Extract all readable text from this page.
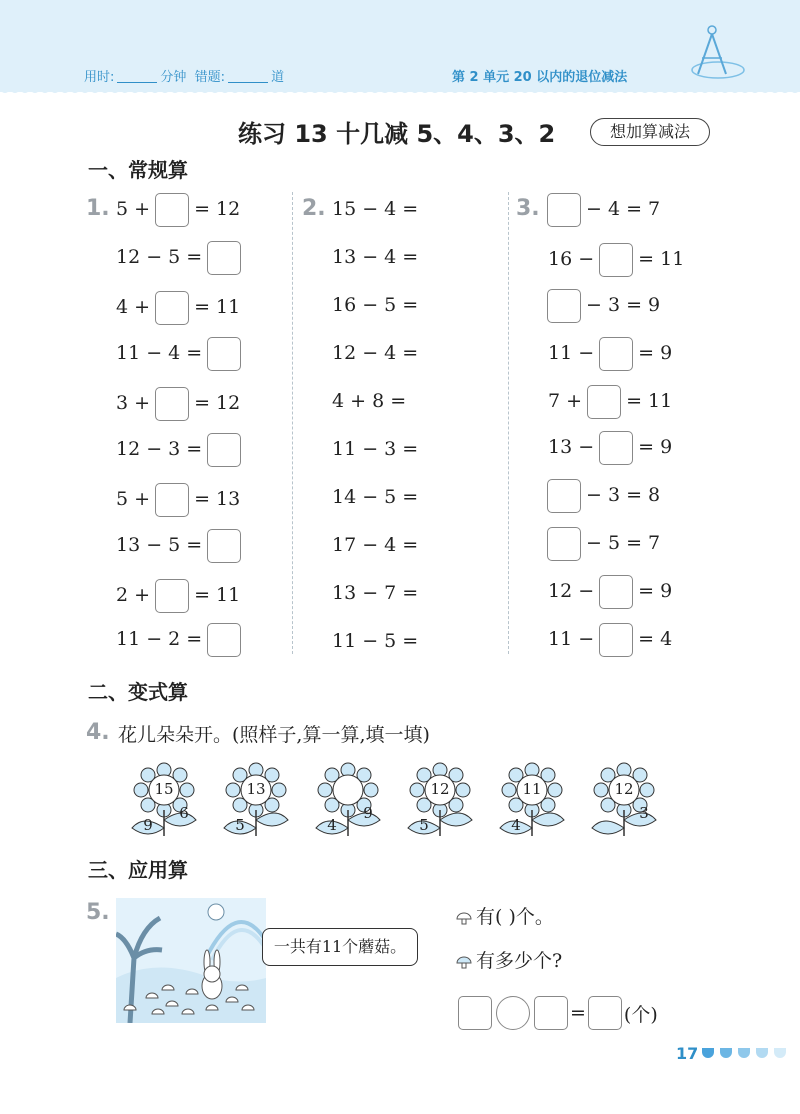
用时:	分钟 错题:	道	第 2 单元 20 以内的退位减法
练习 13 十几减 5、4、3、2	想加算减法
一、常规算
1. 5 + = 12
12 − 5 =
4 + = 11
11 − 4 =
3 + = 12
12 − 3 =
5 + = 13
13 − 5 =
2 + = 11
11 − 2 =
2. 15 − 4 =
13 − 4 =
16 − 5 =
12 − 4 =
4 + 8 =
11 − 3 =
14 − 5 =
17 − 4 =
13 − 7 =
11 − 5 =
3.	− 4 = 7
16 − = 11
− 3 = 9
11 − = 9
7 + = 11
13 − = 9
− 3 = 8
− 5 = 7
12 − = 9
11 − = 4
二、变式算
4. 花儿朵朵开。(照样子,算一算,填一填)
15
9
6
13
5	4
9
12
5
11
4
12
3
三、应用算
5.
一共有11个蘑菇。
有( )个。
有多少个?
= (个)
17
